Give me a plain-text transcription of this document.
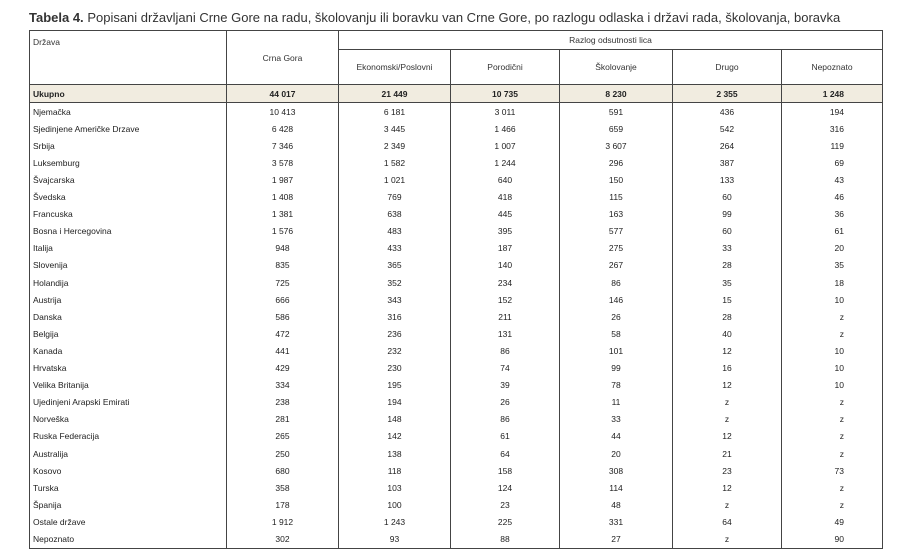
Tabela 4. Popisani državljani Crne Gore na radu, školovanju ili boravku van Crne Gore, po razlogu odlaska i državi rada, školovanja, boravka
Država	Crna Gora	Razlog odsutnosti lica				
		Ekonomski/Poslovni	Porodični	Školovanje	Drugo	Nepoznato
Ukupno	44 017	21 449	10 735	8 230	2 355	1 248
Njemačka	10 413	6 181	3 011	591	436	194
Sjedinjene Američke Drzave	6 428	3 445	1 466	659	542	316
Srbija	7 346	2 349	1 007	3 607	264	119
Luksemburg	3 578	1 582	1 244	296	387	69
Švajcarska	1 987	1 021	640	150	133	43
Švedska	1 408	769	418	115	60	46
Francuska	1 381	638	445	163	99	36
Bosna i Hercegovina	1 576	483	395	577	60	61
Italija	948	433	187	275	33	20
Slovenija	835	365	140	267	28	35
Holandija	725	352	234	86	35	18
Austrija	666	343	152	146	15	10
Danska	586	316	211	26	28	z
Belgija	472	236	131	58	40	z
Kanada	441	232	86	101	12	10
Hrvatska	429	230	74	99	16	10
Velika Britanija	334	195	39	78	12	10
Ujedinjeni Arapski Emirati	238	194	26	11	z	z
Norveška	281	148	86	33	z	z
Ruska Federacija	265	142	61	44	12	z
Australija	250	138	64	20	21	z
Kosovo	680	118	158	308	23	73
Turska	358	103	124	114	12	z
Španija	178	100	23	48	z	z
Ostale države	1 912	1 243	225	331	64	49
Nepoznato	302	93	88	27	z	90
